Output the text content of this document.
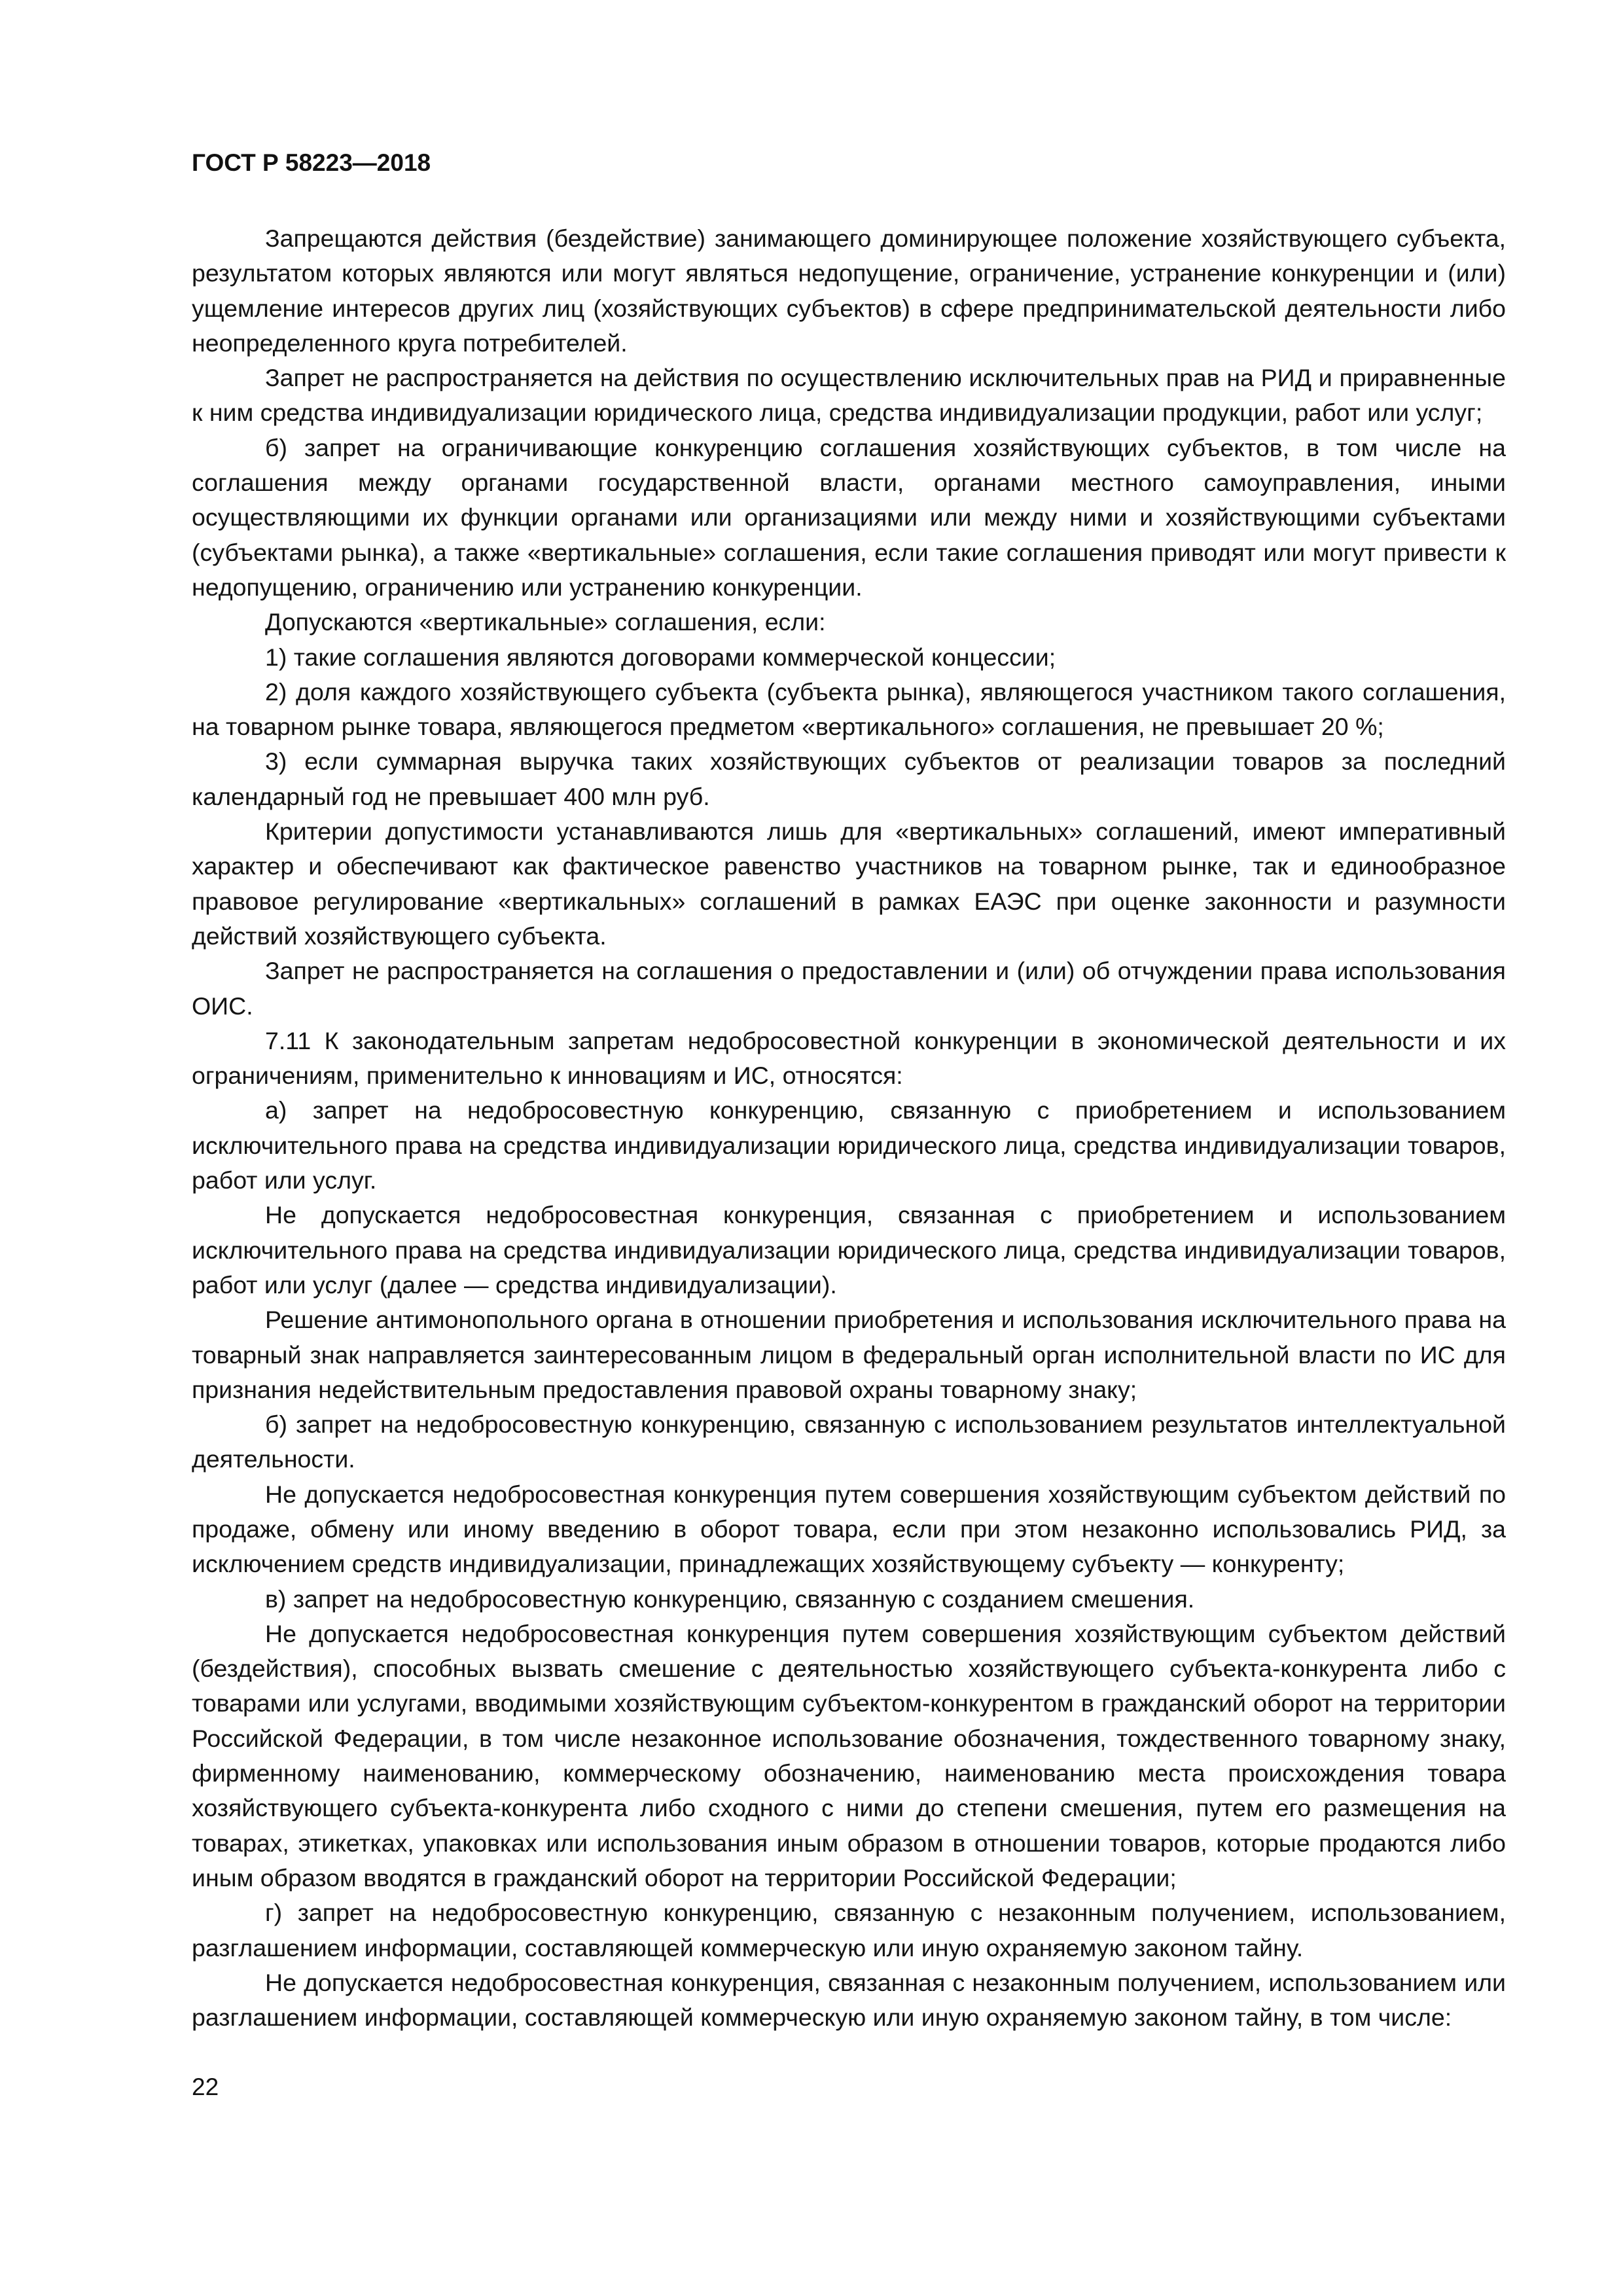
ГОСТ Р 58223—2018

Запрещаются действия (бездействие) занимающего доминирующее положение хозяйствующего субъекта, результатом которых являются или могут являться недопущение, ограничение, устранение конкуренции и (или) ущемление интересов других лиц (хозяйствующих субъектов) в сфере предпринимательской деятельности либо неопределенного круга потребителей.

Запрет не распространяется на действия по осуществлению исключительных прав на РИД и приравненные к ним средства индивидуализации юридического лица, средства индивидуализации продукции, работ или услуг;

б) запрет на ограничивающие конкуренцию соглашения хозяйствующих субъектов, в том числе на соглашения между органами государственной власти, органами местного самоуправления, иными осуществляющими их функции органами или организациями или между ними и хозяйствующими субъектами (субъектами рынка), а также «вертикальные» соглашения, если такие соглашения приводят или могут привести к недопущению, ограничению или устранению конкуренции.

Допускаются «вертикальные» соглашения, если:

1) такие соглашения являются договорами коммерческой концессии;

2) доля каждого хозяйствующего субъекта (субъекта рынка), являющегося участником такого соглашения, на товарном рынке товара, являющегося предметом «вертикального» соглашения, не превышает 20 %;

3) если суммарная выручка таких хозяйствующих субъектов от реализации товаров за последний календарный год не превышает 400 млн руб.

Критерии допустимости устанавливаются лишь для «вертикальных» соглашений, имеют императивный характер и обеспечивают как фактическое равенство участников на товарном рынке, так и единообразное правовое регулирование «вертикальных» соглашений в рамках ЕАЭС при оценке законности и разумности действий хозяйствующего субъекта.

Запрет не распространяется на соглашения о предоставлении и (или) об отчуждении права использования ОИС.

7.11 К законодательным запретам недобросовестной конкуренции в экономической деятельности и их ограничениям, применительно к инновациям и ИС, относятся:

а) запрет на недобросовестную конкуренцию, связанную с приобретением и использованием исключительного права на средства индивидуализации юридического лица, средства индивидуализации товаров, работ или услуг.

Не допускается недобросовестная конкуренция, связанная с приобретением и использованием исключительного права на средства индивидуализации юридического лица, средства индивидуализации товаров, работ или услуг (далее — средства индивидуализации).

Решение антимонопольного органа в отношении приобретения и использования исключительного права на товарный знак направляется заинтересованным лицом в федеральный орган исполнительной власти по ИС для признания недействительным предоставления правовой охраны товарному знаку;

б) запрет на недобросовестную конкуренцию, связанную с использованием результатов интеллектуальной деятельности.

Не допускается недобросовестная конкуренция путем совершения хозяйствующим субъектом действий по продаже, обмену или иному введению в оборот товара, если при этом незаконно использовались РИД, за исключением средств индивидуализации, принадлежащих хозяйствующему субъекту — конкуренту;

в) запрет на недобросовестную конкуренцию, связанную с созданием смешения.

Не допускается недобросовестная конкуренция путем совершения хозяйствующим субъектом действий (бездействия), способных вызвать смешение с деятельностью хозяйствующего субъекта-конкурента либо с товарами или услугами, вводимыми хозяйствующим субъектом-конкурентом в гражданский оборот на территории Российской Федерации, в том числе незаконное использование обозначения, тождественного товарному знаку, фирменному наименованию, коммерческому обозначению, наименованию места происхождения товара хозяйствующего субъекта-конкурента либо сходного с ними до степени смешения, путем его размещения на товарах, этикетках, упаковках или использования иным образом в отношении товаров, которые продаются либо иным образом вводятся в гражданский оборот на территории Российской Федерации;

г) запрет на недобросовестную конкуренцию, связанную с незаконным получением, использованием, разглашением информации, составляющей коммерческую или иную охраняемую законом тайну.

Не допускается недобросовестная конкуренция, связанная с незаконным получением, использованием или разглашением информации, составляющей коммерческую или иную охраняемую законом тайну, в том числе:

22
